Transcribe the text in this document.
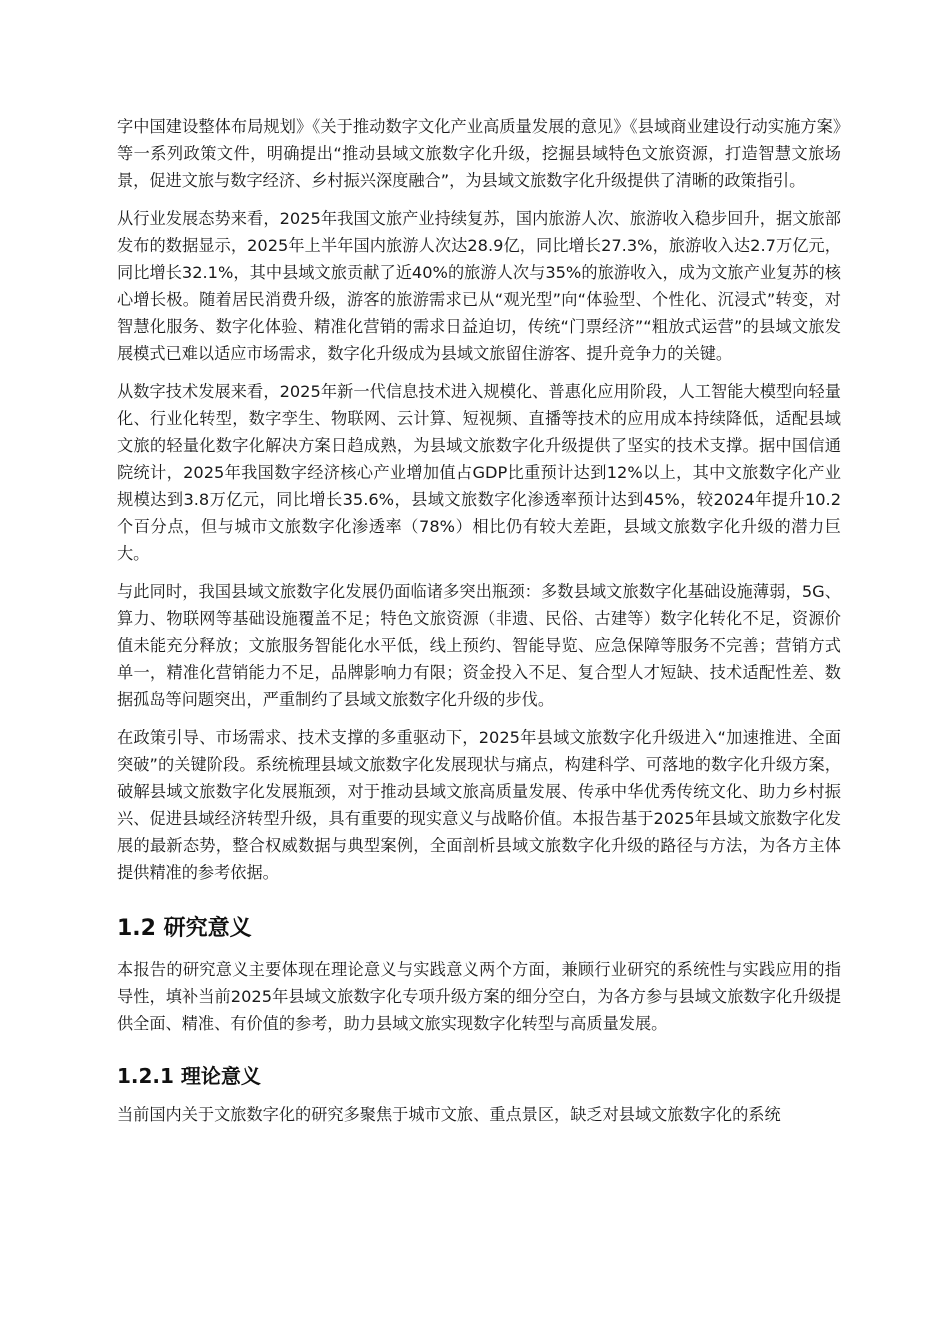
字中国建设整体布局规划》《关于推动数字文化产业高质量发展的意见》《县域商业建设行动实施方案》等一系列政策文件，明确提出“推动县域文旅数字化升级，挖掘县域特色文旅资源，打造智慧文旅场景，促进文旅与数字经济、乡村振兴深度融合”，为县域文旅数字化升级提供了清晰的政策指引。

从行业发展态势来看，2025年我国文旅产业持续复苏，国内旅游人次、旅游收入稳步回升，据文旅部发布的数据显示，2025年上半年国内旅游人次达28.9亿，同比增长27.3%，旅游收入达2.7万亿元，同比增长32.1%，其中县域文旅贡献了近40%的旅游人次与35%的旅游收入，成为文旅产业复苏的核心增长极。随着居民消费升级，游客的旅游需求已从“观光型”向“体验型、个性化、沉浸式”转变，对智慧化服务、数字化体验、精准化营销的需求日益迫切，传统“门票经济”“粗放式运营”的县域文旅发展模式已难以适应市场需求，数字化升级成为县域文旅留住游客、提升竞争力的关键。

从数字技术发展来看，2025年新一代信息技术进入规模化、普惠化应用阶段，人工智能大模型向轻量化、行业化转型，数字孪生、物联网、云计算、短视频、直播等技术的应用成本持续降低，适配县域文旅的轻量化数字化解决方案日趋成熟，为县域文旅数字化升级提供了坚实的技术支撑。据中国信通院统计，2025年我国数字经济核心产业增加值占GDP比重预计达到12%以上，其中文旅数字化产业规模达到3.8万亿元，同比增长35.6%，县域文旅数字化渗透率预计达到45%，较2024年提升10.2个百分点，但与城市文旅数字化渗透率（78%）相比仍有较大差距，县域文旅数字化升级的潜力巨大。

与此同时，我国县域文旅数字化发展仍面临诸多突出瓶颈：多数县域文旅数字化基础设施薄弱，5G、算力、物联网等基础设施覆盖不足；特色文旅资源（非遗、民俗、古建等）数字化转化不足，资源价值未能充分释放；文旅服务智能化水平低，线上预约、智能导览、应急保障等服务不完善；营销方式单一，精准化营销能力不足，品牌影响力有限；资金投入不足、复合型人才短缺、技术适配性差、数据孤岛等问题突出，严重制约了县域文旅数字化升级的步伐。

在政策引导、市场需求、技术支撑的多重驱动下，2025年县域文旅数字化升级进入“加速推进、全面突破”的关键阶段。系统梳理县域文旅数字化发展现状与痛点，构建科学、可落地的数字化升级方案，破解县域文旅数字化发展瓶颈，对于推动县域文旅高质量发展、传承中华优秀传统文化、助力乡村振兴、促进县域经济转型升级，具有重要的现实意义与战略价值。本报告基于2025年县域文旅数字化发展的最新态势，整合权威数据与典型案例，全面剖析县域文旅数字化升级的路径与方法，为各方主体提供精准的参考依据。

1.2 研究意义

本报告的研究意义主要体现在理论意义与实践意义两个方面，兼顾行业研究的系统性与实践应用的指导性，填补当前2025年县域文旅数字化专项升级方案的细分空白，为各方参与县域文旅数字化升级提供全面、精准、有价值的参考，助力县域文旅实现数字化转型与高质量发展。

1.2.1 理论意义

当前国内关于文旅数字化的研究多聚焦于城市文旅、重点景区，缺乏对县域文旅数字化的系统
